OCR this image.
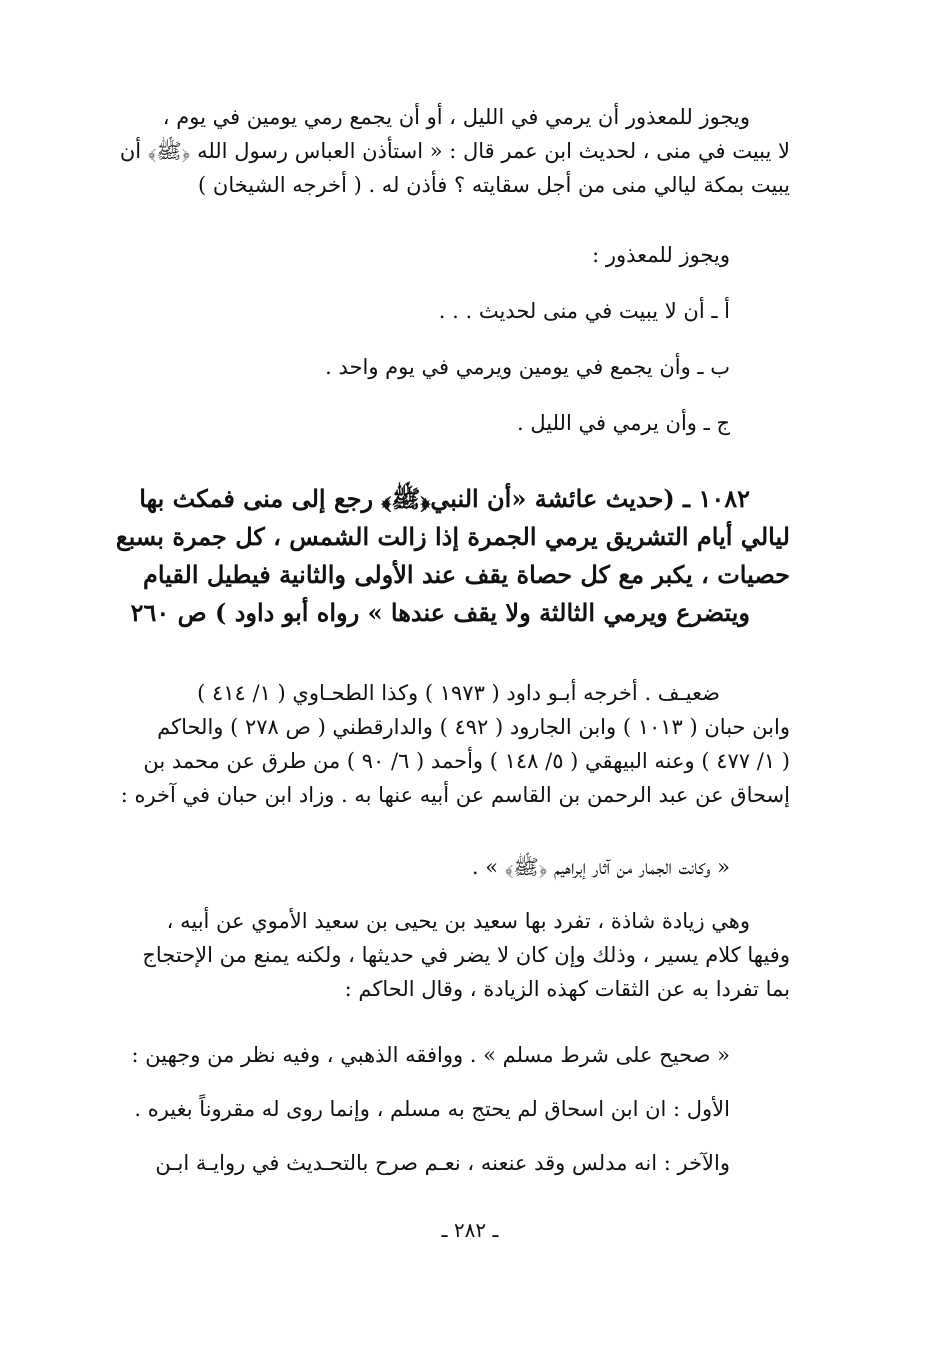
ويجوز للمعذور أن يرمي في الليل ، أو أن يجمع رمي يومين في يوم ،
لا يبيت في منى ، لحديث ابن عمر قال : « استأذن العباس رسول الله ﴿ﷺ﴾ أن
يبيت بمكة ليالي منى من أجل سقايته ؟ فأذن له . ( أخرجه الشيخان )

ويجوز للمعذور :

أ ـ أن لا يبيت في منى لحديث . . .

ب ـ وأن يجمع في يومين ويرمي في يوم واحد .

ج ـ وأن يرمي في الليل .

١٠٨٢ ـ (حديث عائشة «أن النبي﴿ﷺ﴾ رجع إلى منى فمكث بها
ليالي أيام التشريق يرمي الجمرة إذا زالت الشمس ، كل جمرة بسبع
حصيات ، يكبر مع كل حصاة يقف عند الأولى والثانية فيطيل القيام
ويتضرع ويرمي الثالثة ولا يقف عندها » رواه أبو داود ) ص ٢٦٠
ضعيـف . أخرجه أبـو داود ( ١٩٧٣ ) وكذا الطحـاوي ( ١/ ٤١٤ )
وابن حبان ( ١٠١٣ ) وابن الجارود ( ٤٩٢ ) والدارقطني ( ص ٢٧٨ ) والحاكم
( ١/ ٤٧٧ ) وعنه البيهقي ( ٥/ ١٤٨ ) وأحمد ( ٦/ ٩٠ ) من طرق عن محمد بن
إسحاق عن عبد الرحمن بن القاسم عن أبيه عنها به . وزاد ابن حبان في آخره :

« وكانت الجمار من آثار إبراهيم ﴿ﷺ﴾ » .

وهي زيادة شاذة ، تفرد بها سعيد بن يحيى بن سعيد الأموي عن أبيه ،
وفيها كلام يسير ، وذلك وإن كان لا يضر في حديثها ، ولكنه يمنع من الإحتجاج
بما تفردا به عن الثقات كهذه الزيادة ، وقال الحاكم :

« صحيح على شرط مسلم » . ووافقه الذهبي ، وفيه نظر من وجهين :

الأول : ان ابن اسحاق لم يحتج به مسلم ، وإنما روى له مقروناً بغيره .

والآخر : انه مدلس وقد عنعنه ، نعـم صرح بالتحـديث في روايـة ابـن

ـ ٢٨٢ ـ
